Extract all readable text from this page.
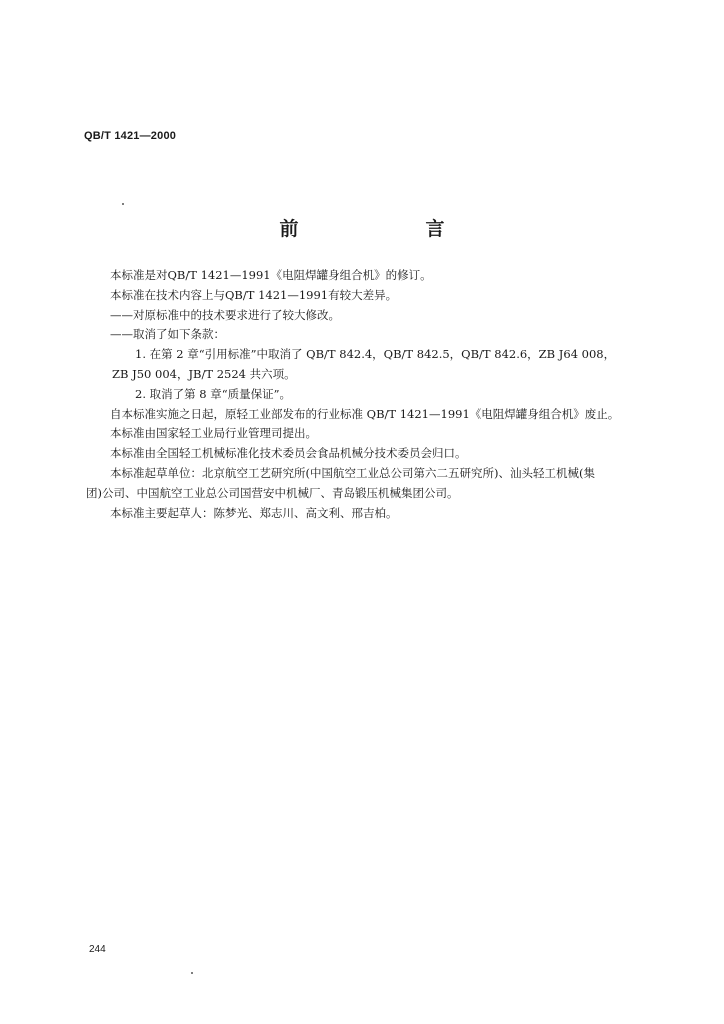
QB/T 1421—2000
前　言

本标准是对QB/T 1421—1991《电阻焊罐身组合机》的修订。

本标准在技术内容上与QB/T 1421—1991有较大差异。

——对原标准中的技术要求进行了较大修改。

——取消了如下条款：

1. 在第 2 章“引用标准”中取消了 QB/T 842.4，QB/T 842.5，QB/T 842.6，ZB J64 008，

ZB J50 004，JB/T 2524 共六项。

2. 取消了第 8 章“质量保证”。

自本标准实施之日起，原轻工业部发布的行业标准 QB/T 1421—1991《电阻焊罐身组合机》废止。

本标准由国家轻工业局行业管理司提出。

本标准由全国轻工机械标准化技术委员会食品机械分技术委员会归口。

本标准起草单位：北京航空工艺研究所(中国航空工业总公司第六二五研究所)、汕头轻工机械(集

团)公司、中国航空工业总公司国营安中机械厂、青岛锻压机械集团公司。

本标准主要起草人：陈梦光、郑志川、高文利、邢吉柏。

244
